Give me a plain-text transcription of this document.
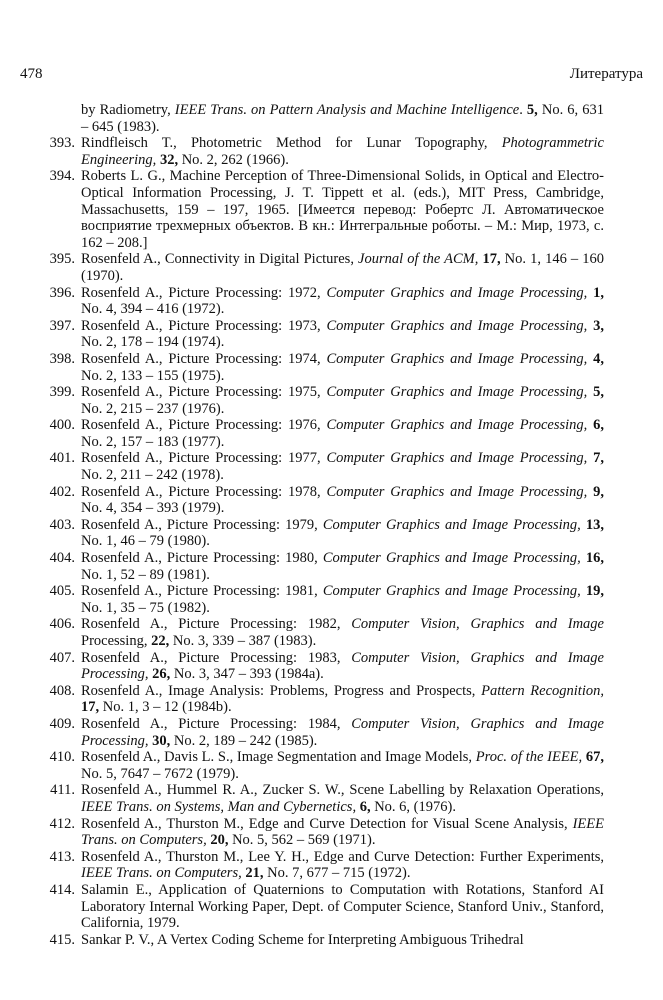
478	Литература
by Radiometry, IEEE Trans. on Pattern Analysis and Machine Intelligence. 5, No. 6, 631 – 645 (1983).
393. Rindfleisch T., Photometric Method for Lunar Topography, Photogrammetric Engineering, 32, No. 2, 262 (1966).
394. Roberts L. G., Machine Perception of Three-Dimensional Solids, in Optical and Electro-Optical Information Processing, J. T. Tippett et al. (eds.), MIT Press, Cambridge, Massachusetts, 159 – 197, 1965. [Имеется перевод: Робертс Л. Автоматическое восприятие трехмерных объектов. В кн.: Интегральные роботы. – М.: Мир, 1973, с. 162 – 208.]
395. Rosenfeld A., Connectivity in Digital Pictures, Journal of the ACM, 17, No. 1, 146 – 160 (1970).
396. Rosenfeld A., Picture Processing: 1972, Computer Graphics and Image Processing, 1, No. 4, 394 – 416 (1972).
397. Rosenfeld A., Picture Processing: 1973, Computer Graphics and Image Processing, 3, No. 2, 178 – 194 (1974).
398. Rosenfeld A., Picture Processing: 1974, Computer Graphics and Image Processing, 4, No. 2, 133 – 155 (1975).
399. Rosenfeld A., Picture Processing: 1975, Computer Graphics and Image Processing, 5, No. 2, 215 – 237 (1976).
400. Rosenfeld A., Picture Processing: 1976, Computer Graphics and Image Processing, 6, No. 2, 157 – 183 (1977).
401. Rosenfeld A., Picture Processing: 1977, Computer Graphics and Image Processing, 7, No. 2, 211 – 242 (1978).
402. Rosenfeld A., Picture Processing: 1978, Computer Graphics and Image Processing, 9, No. 4, 354 – 393 (1979).
403. Rosenfeld A., Picture Processing: 1979, Computer Graphics and Image Processing, 13, No. 1, 46 – 79 (1980).
404. Rosenfeld A., Picture Processing: 1980, Computer Graphics and Image Processing, 16, No. 1, 52 – 89 (1981).
405. Rosenfeld A., Picture Processing: 1981, Computer Graphics and Image Processing, 19, No. 1, 35 – 75 (1982).
406. Rosenfeld A., Picture Processing: 1982, Computer Vision, Graphics and Image Processing, 22, No. 3, 339 – 387 (1983).
407. Rosenfeld A., Picture Processing: 1983, Computer Vision, Graphics and Image Processing, 26, No. 3, 347 – 393 (1984a).
408. Rosenfeld A., Image Analysis: Problems, Progress and Prospects, Pattern Recognition, 17, No. 1, 3 – 12 (1984b).
409. Rosenfeld A., Picture Processing: 1984, Computer Vision, Graphics and Image Processing, 30, No. 2, 189 – 242 (1985).
410. Rosenfeld A., Davis L. S., Image Segmentation and Image Models, Proc. of the IEEE, 67, No. 5, 7647 – 7672 (1979).
411. Rosenfeld A., Hummel R. A., Zucker S. W., Scene Labelling by Relaxation Operations, IEEE Trans. on Systems, Man and Cybernetics, 6, No. 6, (1976).
412. Rosenfeld A., Thurston M., Edge and Curve Detection for Visual Scene Analysis, IEEE Trans. on Computers, 20, No. 5, 562 – 569 (1971).
413. Rosenfeld A., Thurston M., Lee Y. H., Edge and Curve Detection: Further Experiments, IEEE Trans. on Computers, 21, No. 7, 677 – 715 (1972).
414. Salamin E., Application of Quaternions to Computation with Rotations, Stanford AI Laboratory Internal Working Paper, Dept. of Computer Science, Stanford Univ., Stanford, California, 1979.
415. Sankar P. V., A Vertex Coding Scheme for Interpreting Ambiguous Trihedral
